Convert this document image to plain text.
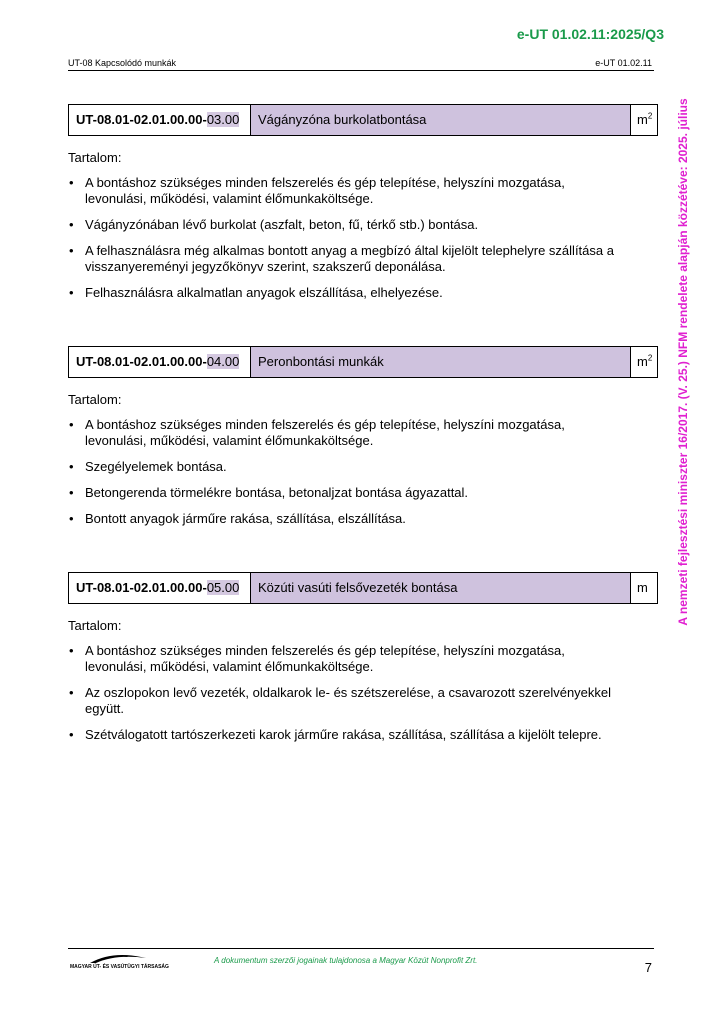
e-UT 01.02.11:2025/Q3
UT-08 Kapcsolódó munkák	e-UT 01.02.11
A nemzeti fejlesztési miniszter 16/2017. (V. 25.) NFM rendelete alapján közzétéve: 2025. július
UT-08.01-02.01.00.00-03.00	Vágányzóna burkolatbontása	$m^2$
Tartalom:
• A bontáshoz szükséges minden felszerelés és gép telepítése, helyszíni mozgatása, levonulási, működési, valamint élőmunkaköltsége.
• Vágányzónában lévő burkolat (aszfalt, beton, fű, térkő stb.) bontása.
• A felhasználásra még alkalmas bontott anyag a megbízó által kijelölt telephelyre szállítása a visszanyereményi jegyzőkönyv szerint, szakszerű deponálása.
• Felhasználásra alkalmatlan anyagok elszállítása, elhelyezése.
UT-08.01-02.01.00.00-04.00	Peronbontási munkák	$m^2$
Tartalom:
• A bontáshoz szükséges minden felszerelés és gép telepítése, helyszíni mozgatása, levonulási, működési, valamint élőmunkaköltsége.
• Szegélyelemek bontása.
• Betongerenda törmelékre bontása, betonaljzat bontása ágyazattal.
• Bontott anyagok járműre rakása, szállítása, elszállítása.
UT-08.01-02.01.00.00-05.00	Közúti vasúti felsővezeték bontása	m
Tartalom:
• A bontáshoz szükséges minden felszerelés és gép telepítése, helyszíni mozgatása, levonulási, működési, valamint élőmunkaköltsége.
• Az oszlopokon levő vezeték, oldalkarok le- és szétszerelése, a csavarozott szerelvényekkel együtt.
• Szétválogatott tartószerkezeti karok járműre rakása, szállítása, szállítása a kijelölt telepre.
MAGYAR ÚT- ÉS VASÚTÜGYI TÁRSASÁG
A dokumentum szerzői jogainak tulajdonosa a Magyar Közút Nonprofit Zrt.	7
